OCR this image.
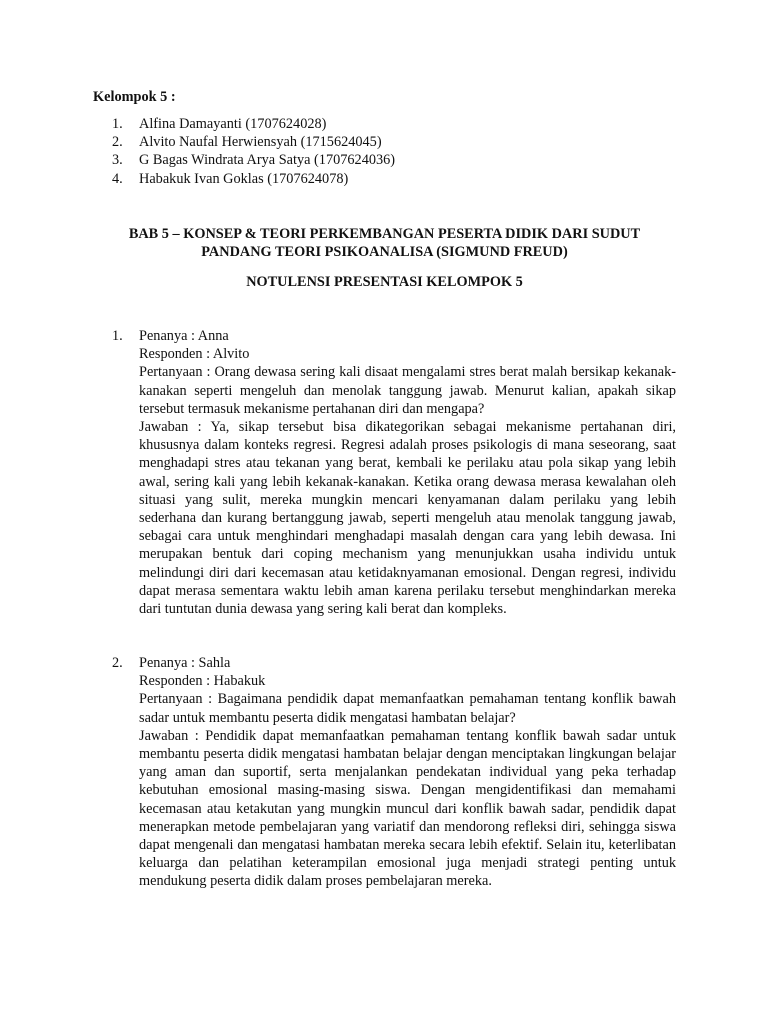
Kelompok 5 :

1.	Alfina Damayanti (1707624028)
2.	Alvito Naufal Herwiensyah (1715624045)
3.	G Bagas Windrata Arya Satya (1707624036)
4.	Habakuk Ivan Goklas (1707624078)
BAB 5 – KONSEP & TEORI PERKEMBANGAN PESERTA DIDIK DARI SUDUT
PANDANG TEORI PSIKOANALISA (SIGMUND FREUD)
NOTULENSI PRESENTASI KELOMPOK 5
1.	Penanya : Anna
Responden : Alvito
Pertanyaan : Orang dewasa sering kali disaat mengalami stres berat malah bersikap kekanak-kanakan seperti mengeluh dan menolak tanggung jawab. Menurut kalian, apakah sikap tersebut termasuk mekanisme pertahanan diri dan mengapa?
Jawaban : Ya, sikap tersebut bisa dikategorikan sebagai mekanisme pertahanan diri, khususnya dalam konteks regresi. Regresi adalah proses psikologis di mana seseorang, saat menghadapi stres atau tekanan yang berat, kembali ke perilaku atau pola sikap yang lebih awal, sering kali yang lebih kekanak-kanakan. Ketika orang dewasa merasa kewalahan oleh situasi yang sulit, mereka mungkin mencari kenyamanan dalam perilaku yang lebih sederhana dan kurang bertanggung jawab, seperti mengeluh atau menolak tanggung jawab, sebagai cara untuk menghindari menghadapi masalah dengan cara yang lebih dewasa. Ini merupakan bentuk dari coping mechanism yang menunjukkan usaha individu untuk melindungi diri dari kecemasan atau ketidaknyamanan emosional. Dengan regresi, individu dapat merasa sementara waktu lebih aman karena perilaku tersebut menghindarkan mereka dari tuntutan dunia dewasa yang sering kali berat dan kompleks.
2.	Penanya : Sahla
Responden : Habakuk
Pertanyaan : Bagaimana pendidik dapat memanfaatkan pemahaman tentang konflik bawah sadar untuk membantu peserta didik mengatasi hambatan belajar?
Jawaban : Pendidik dapat memanfaatkan pemahaman tentang konflik bawah sadar untuk membantu peserta didik mengatasi hambatan belajar dengan menciptakan lingkungan belajar yang aman dan suportif, serta menjalankan pendekatan individual yang peka terhadap kebutuhan emosional masing-masing siswa. Dengan mengidentifikasi dan memahami kecemasan atau ketakutan yang mungkin muncul dari konflik bawah sadar, pendidik dapat menerapkan metode pembelajaran yang variatif dan mendorong refleksi diri, sehingga siswa dapat mengenali dan mengatasi hambatan mereka secara lebih efektif. Selain itu, keterlibatan keluarga dan pelatihan keterampilan emosional juga menjadi strategi penting untuk mendukung peserta didik dalam proses pembelajaran mereka.
